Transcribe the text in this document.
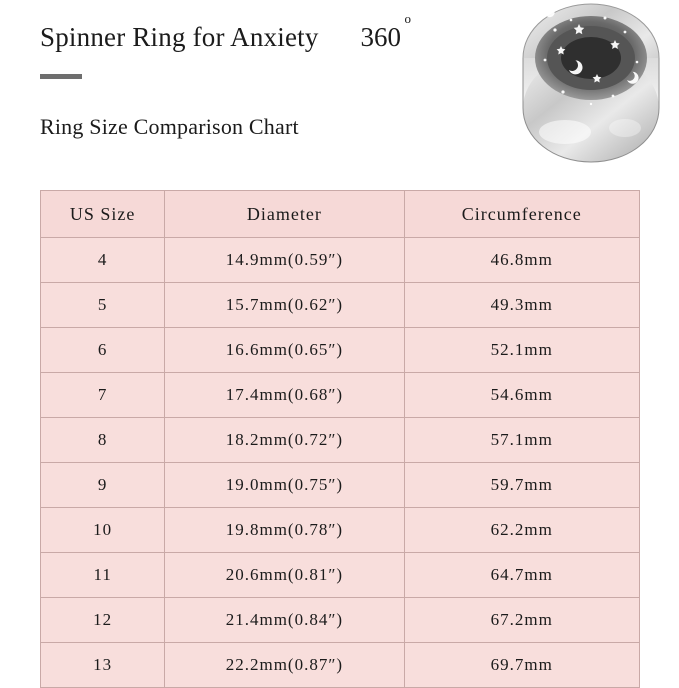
Spinner Ring for Anxiety 360
o
Ring Size Comparison Chart
US Size	Diameter	Circumference
4	14.9mm(0.59″)	46.8mm
5	15.7mm(0.62″)	49.3mm
6	16.6mm(0.65″)	52.1mm
7	17.4mm(0.68″)	54.6mm
8	18.2mm(0.72″)	57.1mm
9	19.0mm(0.75″)	59.7mm
10	19.8mm(0.78″)	62.2mm
11	20.6mm(0.81″)	64.7mm
12	21.4mm(0.84″)	67.2mm
13	22.2mm(0.87″)	69.7mm
